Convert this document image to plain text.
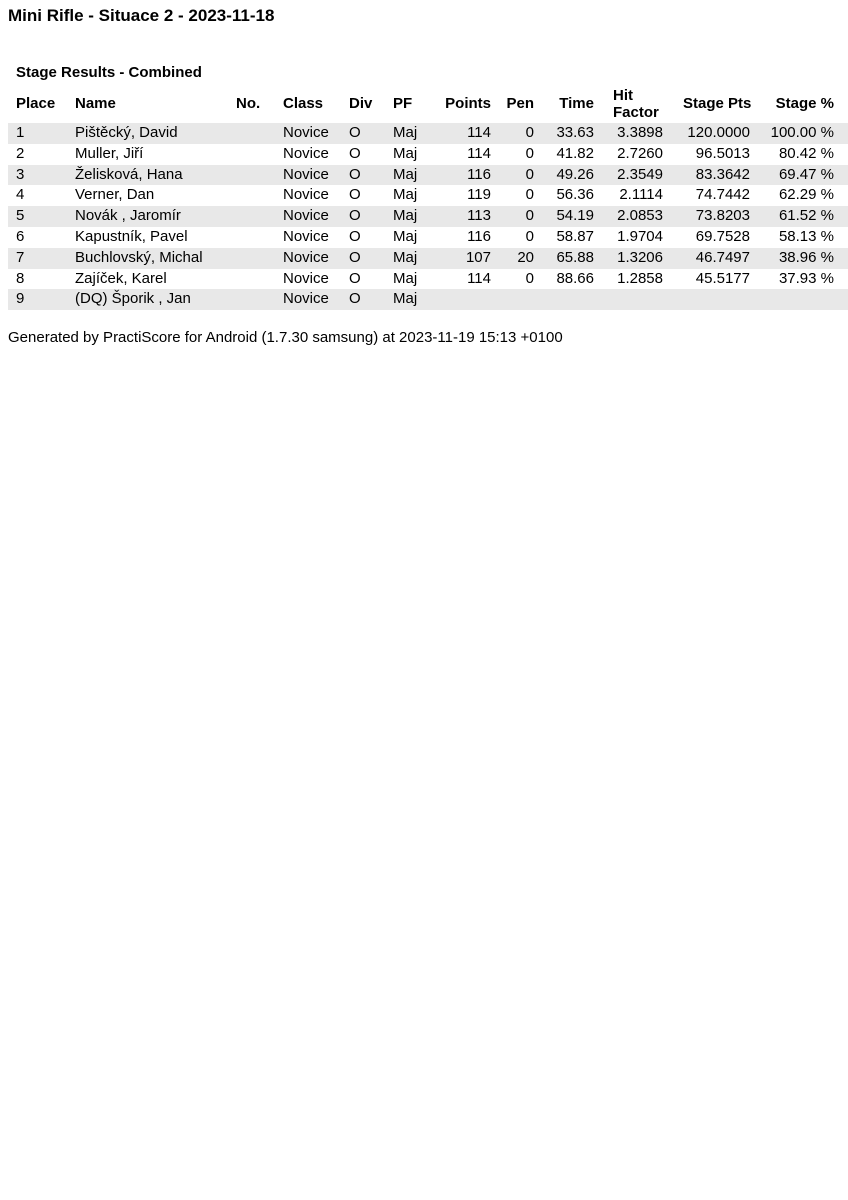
Mini Rifle - Situace 2 - 2023-11-18
Stage Results - Combined
Place	Name	No.	Class	Div	PF	Points	Pen	Time	Hit Factor	Stage Pts	Stage %
1	Pištěcký, David		Novice	O	Maj	114	0	33.63	3.3898	120.0000	100.00 %
2	Muller, Jiří		Novice	O	Maj	114	0	41.82	2.7260	96.5013	80.42 %
3	Želisková, Hana		Novice	O	Maj	116	0	49.26	2.3549	83.3642	69.47 %
4	Verner, Dan		Novice	O	Maj	119	0	56.36	2.1114	74.7442	62.29 %
5	Novák , Jaromír		Novice	O	Maj	113	0	54.19	2.0853	73.8203	61.52 %
6	Kapustník, Pavel		Novice	O	Maj	116	0	58.87	1.9704	69.7528	58.13 %
7	Buchlovský, Michal		Novice	O	Maj	107	20	65.88	1.3206	46.7497	38.96 %
8	Zajíček, Karel		Novice	O	Maj	114	0	88.66	1.2858	45.5177	37.93 %
9	(DQ) Šporik , Jan		Novice	O	Maj						

Generated by PractiScore for Android (1.7.30 samsung) at 2023-11-19 15:13 +0100
